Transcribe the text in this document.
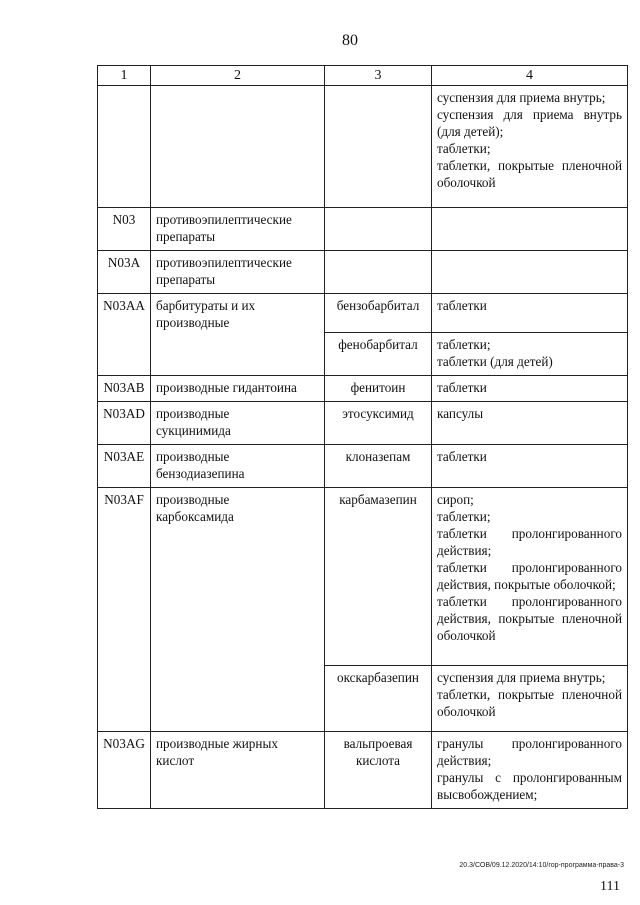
80
1	2	3	4

			суспензия для приема внутрь;
суспензия для приема внутрь (для детей);
таблетки;
таблетки, покрытые пленочной оболочкой

N03	противоэпилептические
препараты		

N03A	противоэпилептические
препараты		

N03AA	барбитураты и их
производные	бензобарбитал	таблетки

		фенобарбитал	таблетки;
таблетки (для детей)

N03AB	производные гидантоина	фенитоин	таблетки

N03AD	производные
сукцинимида	этосуксимид	капсулы

N03AE	производные
бензодиазепина	клоназепам	таблетки

N03AF	производные
карбоксамида	карбамазепин	сироп;
таблетки;
таблетки пролонгированного действия;
таблетки пролонгированного действия, покрытые оболочкой;
таблетки пролонгированного действия, покрытые пленочной оболочкой

		окскарбазепин	суспензия для приема внутрь;
таблетки, покрытые пленочной оболочкой

N03AG	производные жирных
кислот	вальпроевая кислота	гранулы пролонгированного действия;
гранулы с пролонгированным высвобождением;
20.3/СОВ/09.12.2020/14:10/гор-программа-права-3
111
